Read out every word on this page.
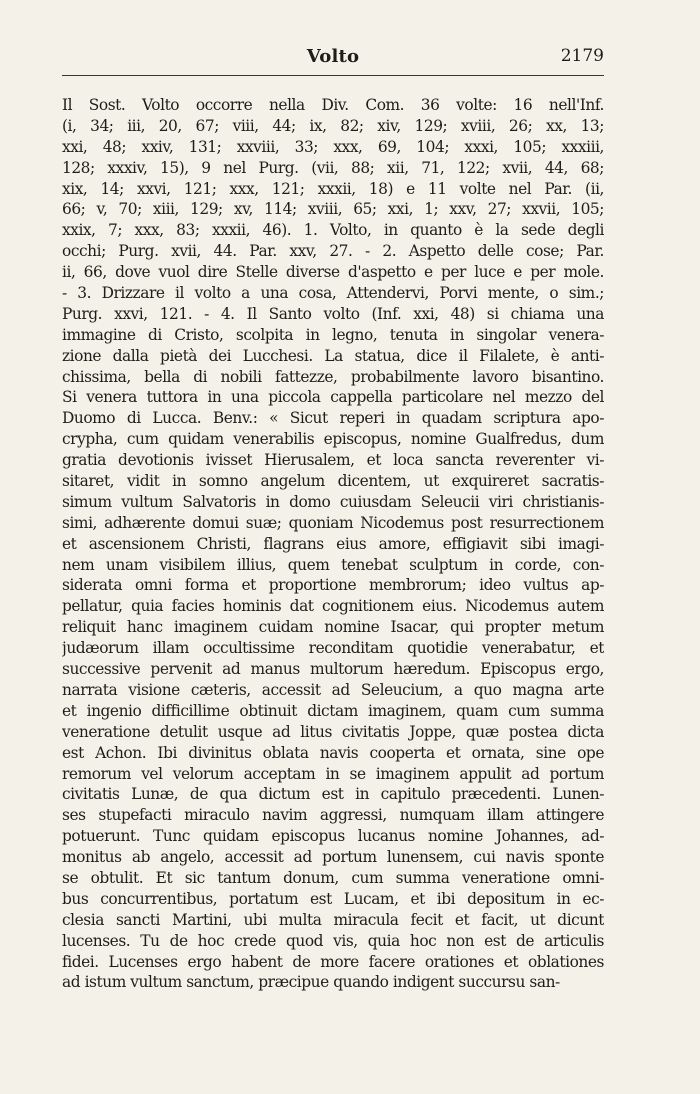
Volto	2179
Il Sost. Volto occorre nella Div. Com. 36 volte: 16 nell'Inf.
(i, 34; iii, 20, 67; viii, 44; ix, 82; xiv, 129; xviii, 26; xx, 13;
xxi, 48; xxiv, 131; xxviii, 33; xxx, 69, 104; xxxi, 105; xxxiii,
128; xxxiv, 15), 9 nel Purg. (vii, 88; xii, 71, 122; xvii, 44, 68;
xix, 14; xxvi, 121; xxx, 121; xxxii, 18) e 11 volte nel Par. (ii,
66; v, 70; xiii, 129; xv, 114; xviii, 65; xxi, 1; xxv, 27; xxvii, 105;
xxix, 7; xxx, 83; xxxii, 46). 1. Volto, in quanto è la sede degli
occhi; Purg. xvii, 44. Par. xxv, 27. - 2. Aspetto delle cose; Par.
ii, 66, dove vuol dire Stelle diverse d'aspetto e per luce e per mole.
- 3. Drizzare il volto a una cosa, Attendervi, Porvi mente, o sim.;
Purg. xxvi, 121. - 4. Il Santo volto (Inf. xxi, 48) si chiama una
immagine di Cristo, scolpita in legno, tenuta in singolar venera-
zione dalla pietà dei Lucchesi. La statua, dice il Filalete, è anti-
chissima, bella di nobili fattezze, probabilmente lavoro bisantino.
Si venera tuttora in una piccola cappella particolare nel mezzo del
Duomo di Lucca. Benv.: « Sicut reperi in quadam scriptura apo-
crypha, cum quidam venerabilis episcopus, nomine Gualfredus, dum
gratia devotionis ivisset Hierusalem, et loca sancta reverenter vi-
sitaret, vidit in somno angelum dicentem, ut exquireret sacratis-
simum vultum Salvatoris in domo cuiusdam Seleucii viri christianis-
simi, adhærente domui suæ; quoniam Nicodemus post resurrectionem
et ascensionem Christi, flagrans eius amore, effigiavit sibi imagi-
nem unam visibilem illius, quem tenebat sculptum in corde, con-
siderata omni forma et proportione membrorum; ideo vultus ap-
pellatur, quia facies hominis dat cognitionem eius. Nicodemus autem
reliquit hanc imaginem cuidam nomine Isacar, qui propter metum
judæorum illam occultissime reconditam quotidie venerabatur, et
successive pervenit ad manus multorum hæredum. Episcopus ergo,
narrata visione cæteris, accessit ad Seleucium, a quo magna arte
et ingenio difficillime obtinuit dictam imaginem, quam cum summa
veneratione detulit usque ad litus civitatis Joppe, quæ postea dicta
est Achon. Ibi divinitus oblata navis cooperta et ornata, sine ope
remorum vel velorum acceptam in se imaginem appulit ad portum
civitatis Lunæ, de qua dictum est in capitulo præcedenti. Lunen-
ses stupefacti miraculo navim aggressi, numquam illam attingere
potuerunt. Tunc quidam episcopus lucanus nomine Johannes, ad-
monitus ab angelo, accessit ad portum lunensem, cui navis sponte
se obtulit. Et sic tantum donum, cum summa veneratione omni-
bus concurrentibus, portatum est Lucam, et ibi depositum in ec-
clesia sancti Martini, ubi multa miracula fecit et facit, ut dicunt
lucenses. Tu de hoc crede quod vis, quia hoc non est de articulis
fidei. Lucenses ergo habent de more facere orationes et oblationes
ad istum vultum sanctum, præcipue quando indigent succursu san-
